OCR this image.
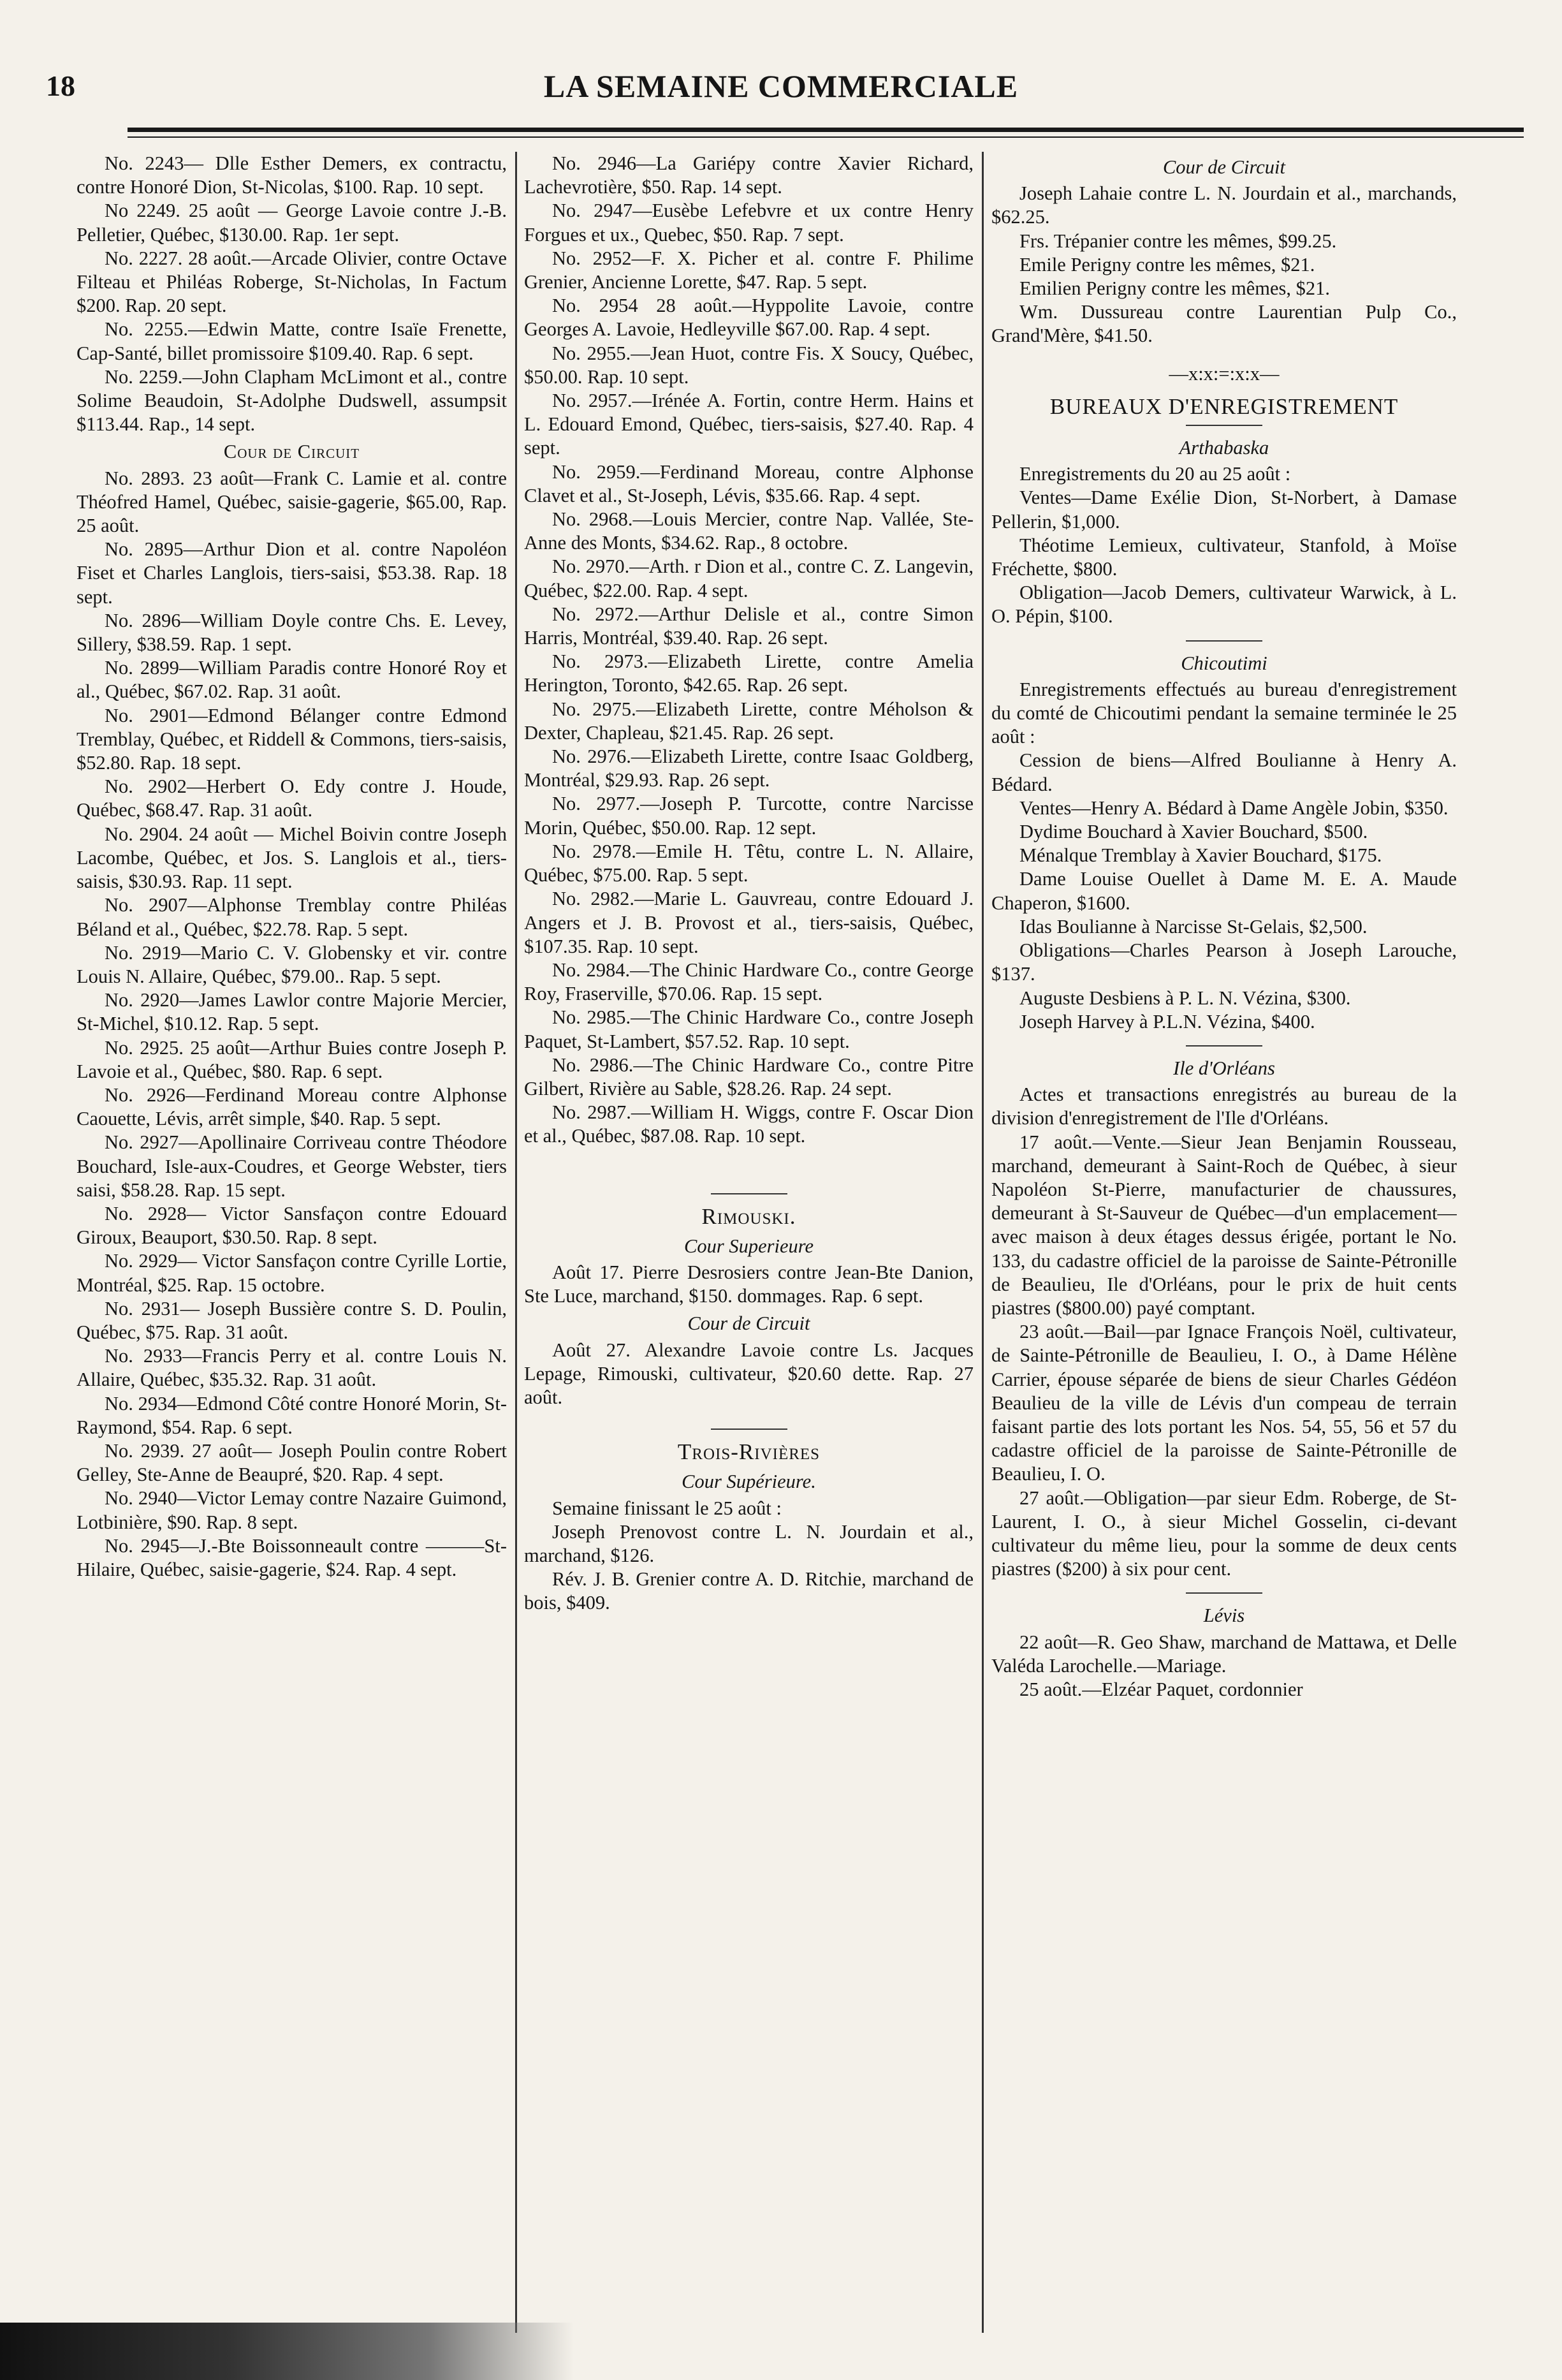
18	LA SEMAINE COMMERCIALE

No. 2243— Dlle Esther Demers, ex contractu, contre Honoré Dion, St-Nicolas, $100. Rap. 10 sept.

No 2249. 25 août — George Lavoie contre J.-B. Pelletier, Québec, $130.00. Rap. 1er sept.

No. 2227. 28 août.—Arcade Olivier, contre Octave Filteau et Philéas Roberge, St-Nicholas, In Factum $200. Rap. 20 sept.

No. 2255.—Edwin Matte, contre Isaïe Frenette, Cap-Santé, billet promissoire $109.40. Rap. 6 sept.

No. 2259.—John Clapham McLimont et al., contre Solime Beaudoin, St-Adolphe Dudswell, assumpsit $113.44. Rap., 14 sept.

Cour de Circuit

No. 2893. 23 août—Frank C. Lamie et al. contre Théofred Hamel, Québec, saisie-gagerie, $65.00, Rap. 25 août.

No. 2895—Arthur Dion et al. contre Napoléon Fiset et Charles Langlois, tiers-saisi, $53.38. Rap. 18 sept.

No. 2896—William Doyle contre Chs. E. Levey, Sillery, $38.59. Rap. 1 sept.

No. 2899—William Paradis contre Honoré Roy et al., Québec, $67.02. Rap. 31 août.

No. 2901—Edmond Bélanger contre Edmond Tremblay, Québec, et Riddell & Commons, tiers-saisis, $52.80. Rap. 18 sept.

No. 2902—Herbert O. Edy contre J. Houde, Québec, $68.47. Rap. 31 août.

No. 2904. 24 août — Michel Boivin contre Joseph Lacombe, Québec, et Jos. S. Langlois et al., tiers-saisis, $30.93. Rap. 11 sept.

No. 2907—Alphonse Tremblay contre Philéas Béland et al., Québec, $22.78. Rap. 5 sept.

No. 2919—Mario C. V. Globensky et vir. contre Louis N. Allaire, Québec, $79.00.. Rap. 5 sept.

No. 2920—James Lawlor contre Majorie Mercier, St-Michel, $10.12. Rap. 5 sept.

No. 2925. 25 août—Arthur Buies contre Joseph P. Lavoie et al., Québec, $80. Rap. 6 sept.

No. 2926—Ferdinand Moreau contre Alphonse Caouette, Lévis, arrêt simple, $40. Rap. 5 sept.

No. 2927—Apollinaire Corriveau contre Théodore Bouchard, Isle-aux-Coudres, et George Webster, tiers saisi, $58.28. Rap. 15 sept.

No. 2928— Victor Sansfaçon contre Edouard Giroux, Beauport, $30.50. Rap. 8 sept.

No. 2929— Victor Sansfaçon contre Cyrille Lortie, Montréal, $25. Rap. 15 octobre.

No. 2931— Joseph Bussière contre S. D. Poulin, Québec, $75. Rap. 31 août.

No. 2933—Francis Perry et al. contre Louis N. Allaire, Québec, $35.32. Rap. 31 août.

No. 2934—Edmond Côté contre Honoré Morin, St-Raymond, $54. Rap. 6 sept.

No. 2939. 27 août— Joseph Poulin contre Robert Gelley, Ste-Anne de Beaupré, $20. Rap. 4 sept.

No. 2940—Victor Lemay contre Nazaire Guimond, Lotbinière, $90. Rap. 8 sept.

No. 2945—J.-Bte Boissonneault contre ———St-Hilaire, Québec, saisie-gagerie, $24. Rap. 4 sept.

No. 2946—La Gariépy contre Xavier Richard, Lachevrotière, $50. Rap. 14 sept.

No. 2947—Eusèbe Lefebvre et ux contre Henry Forgues et ux., Quebec, $50. Rap. 7 sept.

No. 2952—F. X. Picher et al. contre F. Philime Grenier, Ancienne Lorette, $47. Rap. 5 sept.

No. 2954 28 août.—Hyppolite Lavoie, contre Georges A. Lavoie, Hedleyville $67.00. Rap. 4 sept.

No. 2955.—Jean Huot, contre Fis. X Soucy, Québec, $50.00. Rap. 10 sept.

No. 2957.—Irénée A. Fortin, contre Herm. Hains et L. Edouard Emond, Québec, tiers-saisis, $27.40. Rap. 4 sept.

No. 2959.—Ferdinand Moreau, contre Alphonse Clavet et al., St-Joseph, Lévis, $35.66. Rap. 4 sept.

No. 2968.—Louis Mercier, contre Nap. Vallée, Ste-Anne des Monts, $34.62. Rap., 8 octobre.

No. 2970.—Arth. r Dion et al., contre C. Z. Langevin, Québec, $22.00. Rap. 4 sept.

No. 2972.—Arthur Delisle et al., contre Simon Harris, Montréal, $39.40. Rap. 26 sept.

No. 2973.—Elizabeth Lirette, contre Amelia Herington, Toronto, $42.65. Rap. 26 sept.

No. 2975.—Elizabeth Lirette, contre Méholson & Dexter, Chapleau, $21.45. Rap. 26 sept.

No. 2976.—Elizabeth Lirette, contre Isaac Goldberg, Montréal, $29.93. Rap. 26 sept.

No. 2977.—Joseph P. Turcotte, contre Narcisse Morin, Québec, $50.00. Rap. 12 sept.

No. 2978.—Emile H. Têtu, contre L. N. Allaire, Québec, $75.00. Rap. 5 sept.

No. 2982.—Marie L. Gauvreau, contre Edouard J. Angers et J. B. Provost et al., tiers-saisis, Québec, $107.35. Rap. 10 sept.

No. 2984.—The Chinic Hardware Co., contre George Roy, Fraserville, $70.06. Rap. 15 sept.

No. 2985.—The Chinic Hardware Co., contre Joseph Paquet, St-Lambert, $57.52. Rap. 10 sept.

No. 2986.—The Chinic Hardware Co., contre Pitre Gilbert, Rivière au Sable, $28.26. Rap. 24 sept.

No. 2987.—William H. Wiggs, contre F. Oscar Dion et al., Québec, $87.08. Rap. 10 sept.

Rimouski.

Cour Superieure

Août 17. Pierre Desrosiers contre Jean-Bte Danion, Ste Luce, marchand, $150. dommages. Rap. 6 sept.

Cour de Circuit

Août 27. Alexandre Lavoie contre Ls. Jacques Lepage, Rimouski, cultivateur, $20.60 dette. Rap. 27 août.

Trois-Rivières

Cour Supérieure.

Semaine finissant le 25 août :

Joseph Prenovost contre L. N. Jourdain et al., marchand, $126.

Rév. J. B. Grenier contre A. D. Ritchie, marchand de bois, $409.

Cour de Circuit

Joseph Lahaie contre L. N. Jourdain et al., marchands, $62.25.

Frs. Trépanier contre les mêmes, $99.25.

Emile Perigny contre les mêmes, $21.

Emilien Perigny contre les mêmes, $21.

Wm. Dussureau contre Laurentian Pulp Co., Grand'Mère, $41.50.

—x:x:=:x:x—

BUREAUX D'ENREGISTREMENT

Arthabaska

Enregistrements du 20 au 25 août :

Ventes—Dame Exélie Dion, St-Norbert, à Damase Pellerin, $1,000.

Théotime Lemieux, cultivateur, Stanfold, à Moïse Fréchette, $800.

Obligation—Jacob Demers, cultivateur Warwick, à L. O. Pépin, $100.

Chicoutimi

Enregistrements effectués au bureau d'enregistrement du comté de Chicoutimi pendant la semaine terminée le 25 août :

Cession de biens—Alfred Boulianne à Henry A. Bédard.

Ventes—Henry A. Bédard à Dame Angèle Jobin, $350.

Dydime Bouchard à Xavier Bouchard, $500.

Ménalque Tremblay à Xavier Bouchard, $175.

Dame Louise Ouellet à Dame M. E. A. Maude Chaperon, $1600.

Idas Boulianne à Narcisse St-Gelais, $2,500.

Obligations—Charles Pearson à Joseph Larouche, $137.

Auguste Desbiens à P. L. N. Vézina, $300.

Joseph Harvey à P.L.N. Vézina, $400.

Ile d'Orléans

Actes et transactions enregistrés au bureau de la division d'enregistrement de l'Ile d'Orléans.

17 août.—Vente.—Sieur Jean Benjamin Rousseau, marchand, demeurant à Saint-Roch de Québec, à sieur Napoléon St-Pierre, manufacturier de chaussures, demeurant à St-Sauveur de Québec—d'un emplacement—avec maison à deux étages dessus érigée, portant le No. 133, du cadastre officiel de la paroisse de Sainte-Pétronille de Beaulieu, Ile d'Orléans, pour le prix de huit cents piastres ($800.00) payé comptant.

23 août.—Bail—par Ignace François Noël, cultivateur, de Sainte-Pétronille de Beaulieu, I. O., à Dame Hélène Carrier, épouse séparée de biens de sieur Charles Gédéon Beaulieu de la ville de Lévis d'un compeau de terrain faisant partie des lots portant les Nos. 54, 55, 56 et 57 du cadastre officiel de la paroisse de Sainte-Pétronille de Beaulieu, I. O.

27 août.—Obligation—par sieur Edm. Roberge, de St-Laurent, I. O., à sieur Michel Gosselin, ci-devant cultivateur du même lieu, pour la somme de deux cents piastres ($200) à six pour cent.

Lévis

22 août—R. Geo Shaw, marchand de Mattawa, et Delle Valéda Larochelle.—Mariage.

25 août.—Elzéar Paquet, cordonnier
